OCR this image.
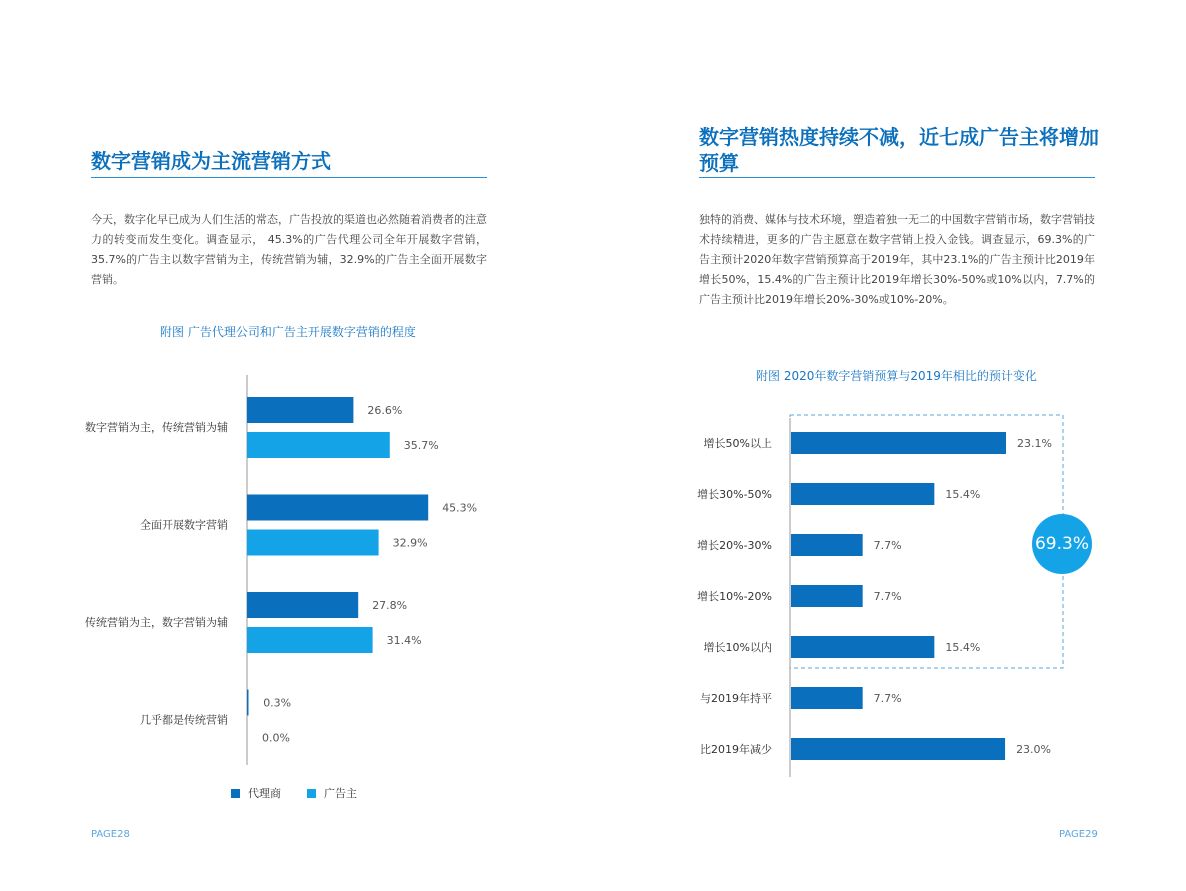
数字营销成为主流营销方式

今天，数字化早已成为人们生活的常态，广告投放的渠道也必然随着消费者的注意力的转变而发生变化。调查显示， 45.3%的广告代理公司全年开展数字营销，35.7%的广告主以数字营销为主，传统营销为辅，32.9%的广告主全面开展数字营销。

附图 广告代理公司和广告主开展数字营销的程度
数字营销为主，传统营销为辅
26.6%
35.7%
全面开展数字营销
45.3%
32.9%
传统营销为主，数字营销为辅
27.8%
31.4%
几乎都是传统营销
0.3%
0.0%
代理商	广告主
PAGE28
数字营销热度持续不减，近七成广告主将增加预算

独特的消费、媒体与技术环境，塑造着独一无二的中国数字营销市场，数字营销技术持续精进，更多的广告主愿意在数字营销上投入金钱。调查显示，69.3%的广告主预计2020年数字营销预算高于2019年，其中23.1%的广告主预计比2019年增长50%，15.4%的广告主预计比2019年增长30%-50%或10%以内，7.7%的广告主预计比2019年增长20%-30%或10%-20%。

附图 2020年数字营销预算与2019年相比的预计变化
增长50%以上	23.1%
增长30%-50%	15.4%
增长20%-30%	7.7%
增长10%-20%	7.7%
增长10%以内	15.4%
与2019年持平	7.7%
比2019年减少	23.0%
69.3%
PAGE29
